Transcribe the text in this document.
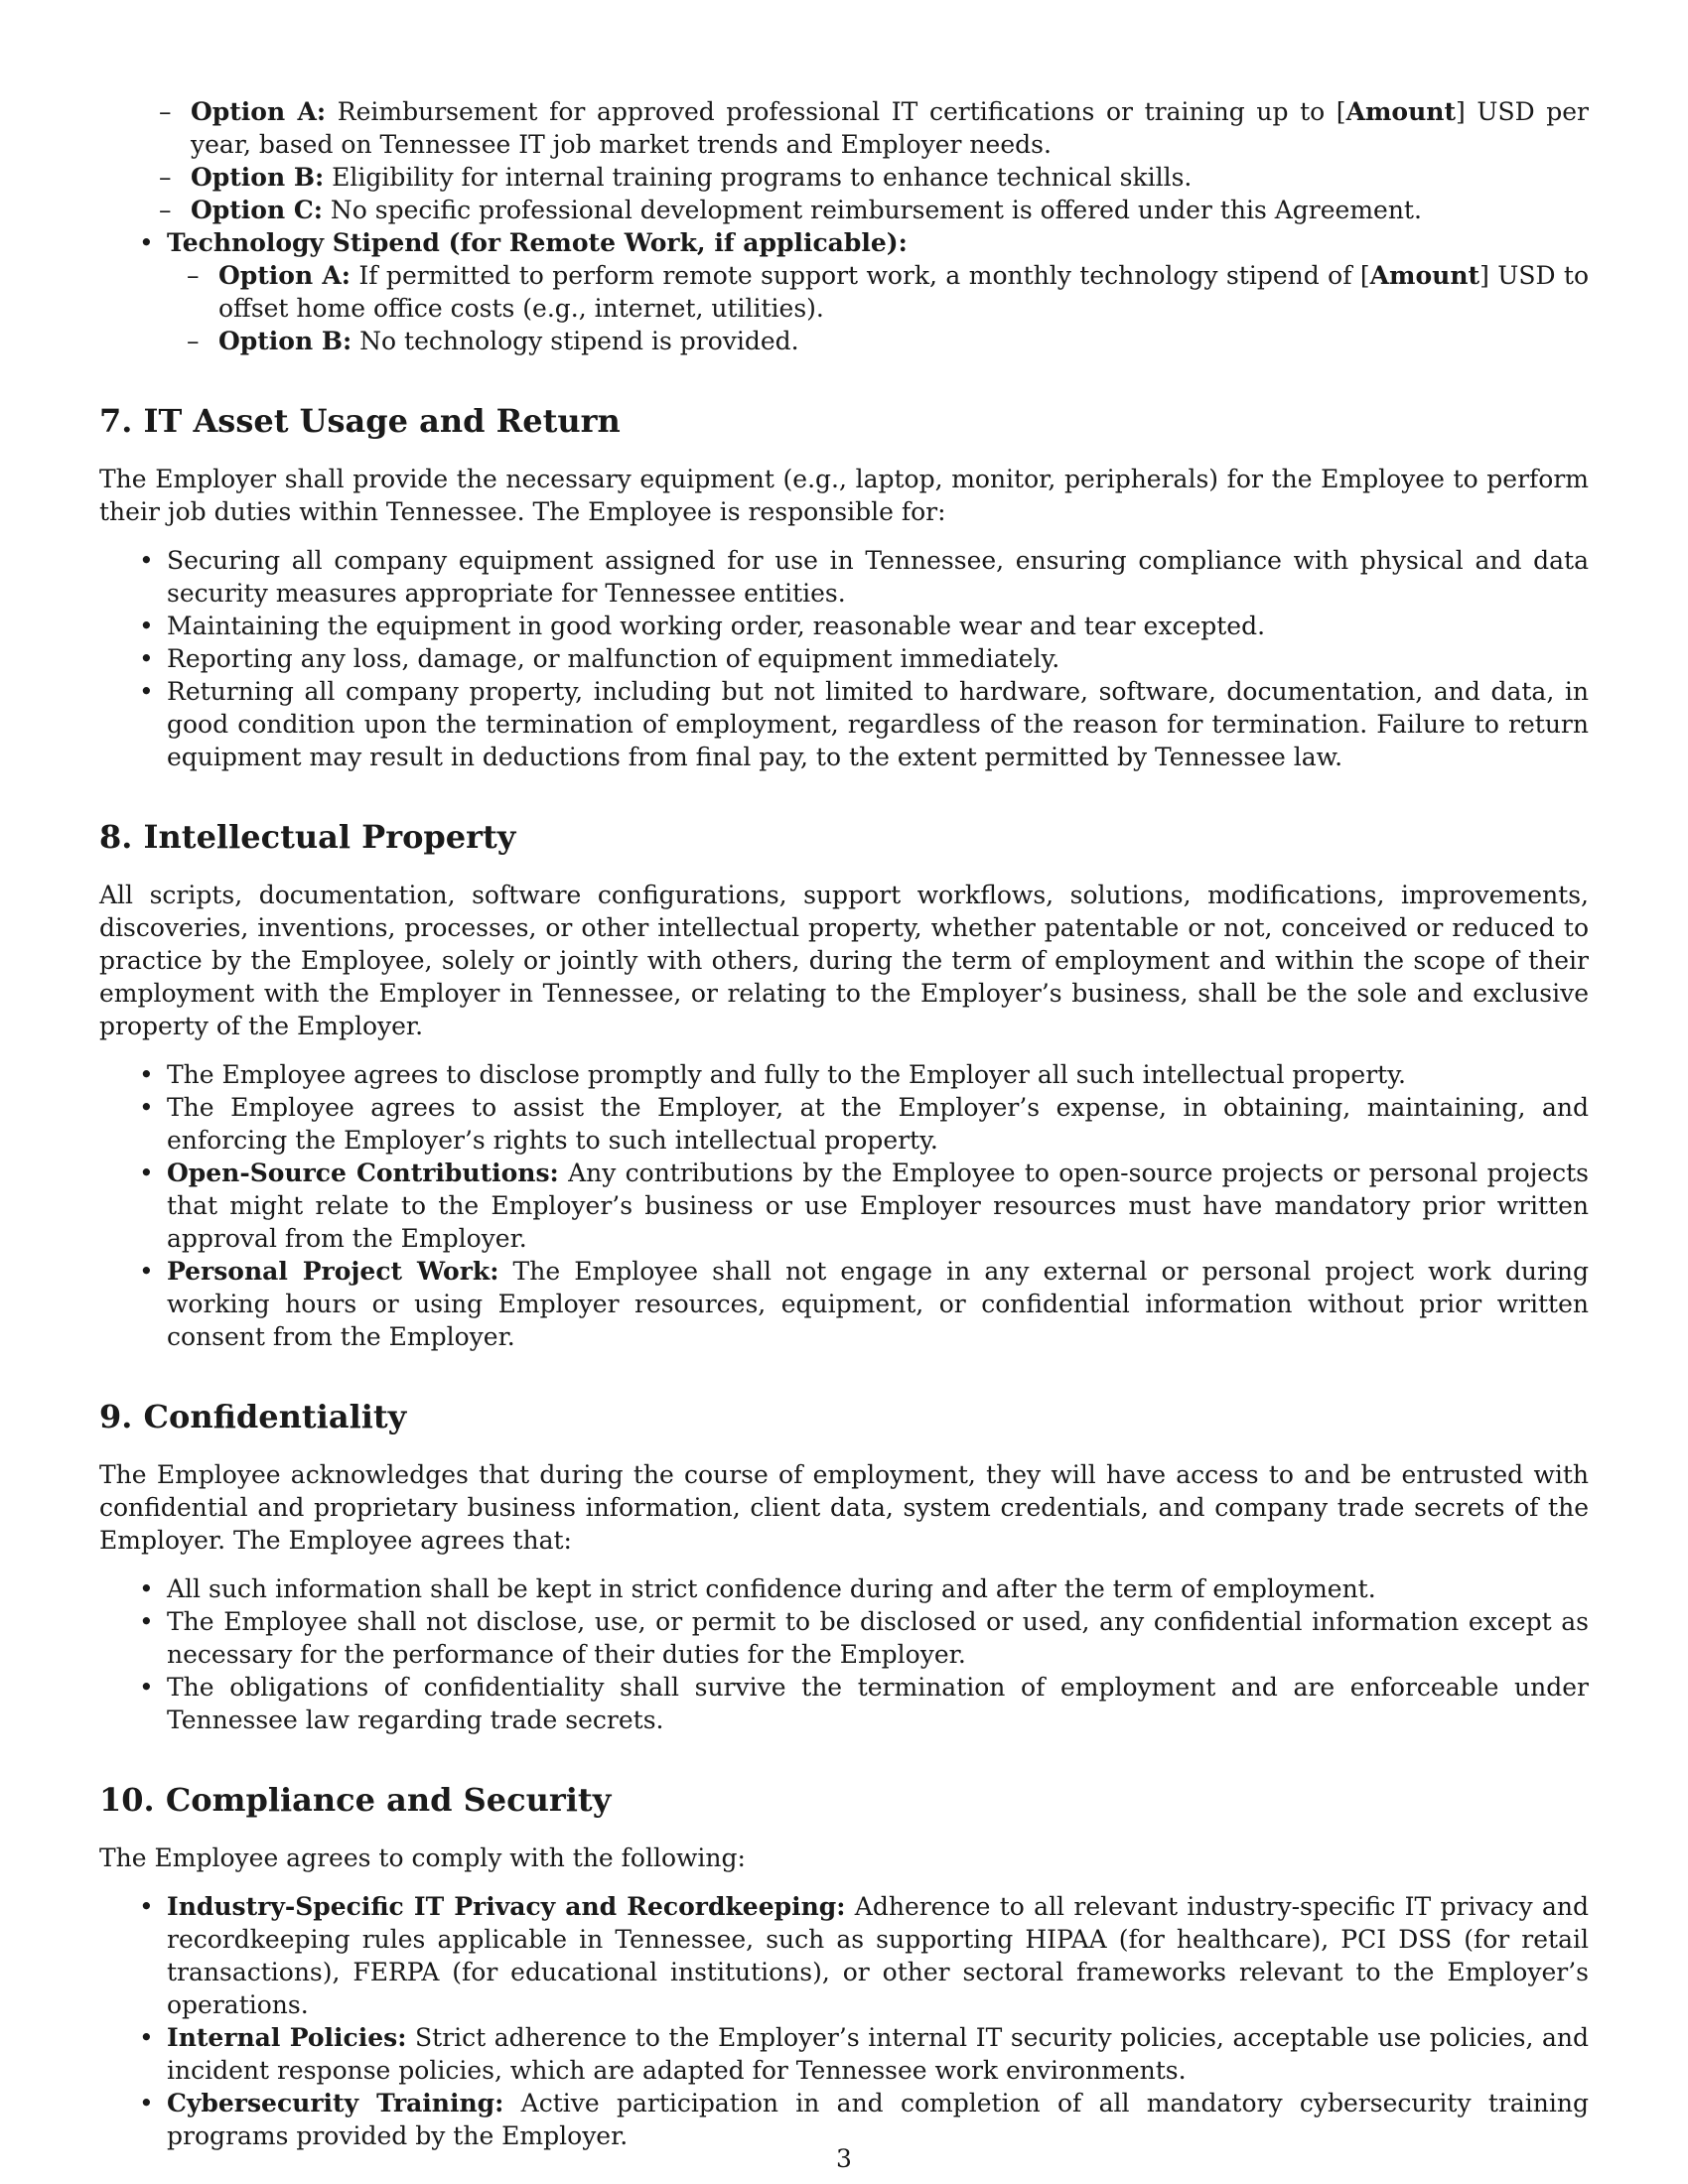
– Option A: Reimbursement for approved professional IT certifications or training up to [Amount] USD per year, based on Tennessee IT job market trends and Employer needs.
– Option B: Eligibility for internal training programs to enhance technical skills.
– Option C: No specific professional development reimbursement is offered under this Agreement.
• Technology Stipend (for Remote Work, if applicable):
– Option A: If permitted to perform remote support work, a monthly technology stipend of [Amount] USD to offset home office costs (e.g., internet, utilities).
– Option B: No technology stipend is provided.
7. IT Asset Usage and Return

The Employer shall provide the necessary equipment (e.g., laptop, monitor, peripherals) for the Employee to perform their job duties within Tennessee. The Employee is responsible for:

• Securing all company equipment assigned for use in Tennessee, ensuring compliance with physical and data security measures appropriate for Tennessee entities.
• Maintaining the equipment in good working order, reasonable wear and tear excepted.
• Reporting any loss, damage, or malfunction of equipment immediately.
• Returning all company property, including but not limited to hardware, software, documentation, and data, in good condition upon the termination of employment, regardless of the reason for termination. Failure to return equipment may result in deductions from final pay, to the extent permitted by Tennessee law.
8. Intellectual Property

All scripts, documentation, software configurations, support workflows, solutions, modifications, improvements, discoveries, inventions, processes, or other intellectual property, whether patentable or not, conceived or reduced to practice by the Employee, solely or jointly with others, during the term of employment and within the scope of their employment with the Employer in Tennessee, or relating to the Employer’s business, shall be the sole and exclusive property of the Employer.

• The Employee agrees to disclose promptly and fully to the Employer all such intellectual property.
• The Employee agrees to assist the Employer, at the Employer’s expense, in obtaining, maintaining, and enforcing the Employer’s rights to such intellectual property.
• Open-Source Contributions: Any contributions by the Employee to open-source projects or personal projects that might relate to the Employer’s business or use Employer resources must have mandatory prior written approval from the Employer.
• Personal Project Work: The Employee shall not engage in any external or personal project work during working hours or using Employer resources, equipment, or confidential information without prior written consent from the Employer.
9. Confidentiality

The Employee acknowledges that during the course of employment, they will have access to and be entrusted with confidential and proprietary business information, client data, system credentials, and company trade secrets of the Employer. The Employee agrees that:

• All such information shall be kept in strict confidence during and after the term of employment.
• The Employee shall not disclose, use, or permit to be disclosed or used, any confidential information except as necessary for the performance of their duties for the Employer.
• The obligations of confidentiality shall survive the termination of employment and are enforceable under Tennessee law regarding trade secrets.
10. Compliance and Security

The Employee agrees to comply with the following:

• Industry-Specific IT Privacy and Recordkeeping: Adherence to all relevant industry-specific IT privacy and recordkeeping rules applicable in Tennessee, such as supporting HIPAA (for healthcare), PCI DSS (for retail transactions), FERPA (for educational institutions), or other sectoral frameworks relevant to the Employer’s operations.
• Internal Policies: Strict adherence to the Employer’s internal IT security policies, acceptable use policies, and incident response policies, which are adapted for Tennessee work environments.
• Cybersecurity Training: Active participation in and completion of all mandatory cybersecurity training programs provided by the Employer.
3
